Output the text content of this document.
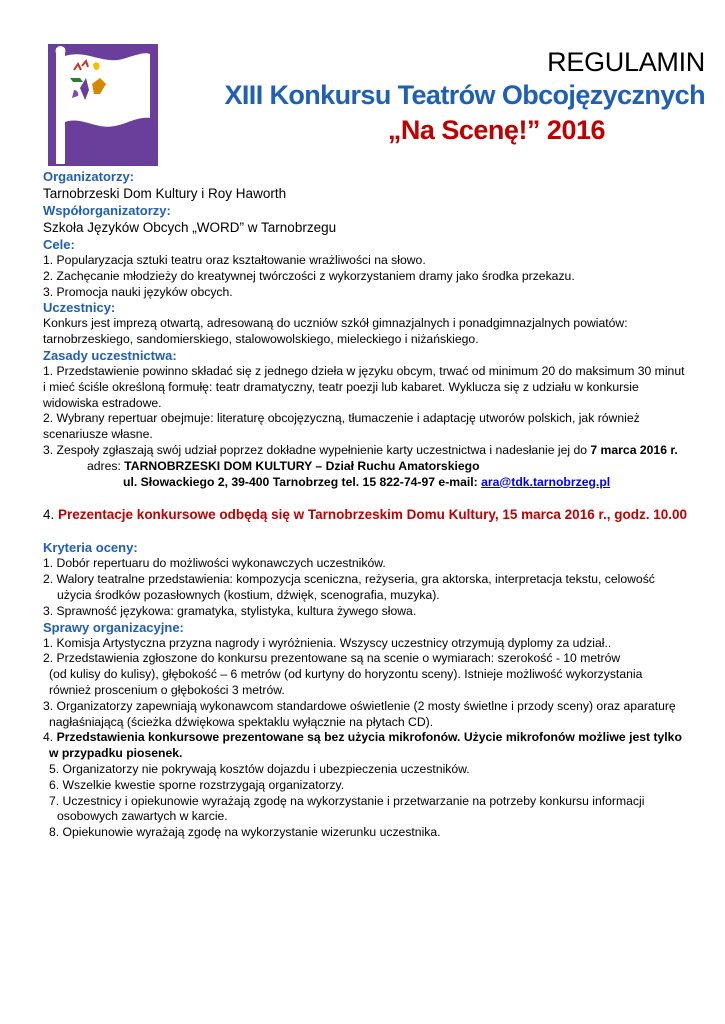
REGULAMIN
XIII Konkursu Teatrów Obcojęzycznych
„Na Scenę!” 2016
Organizatorzy:
Tarnobrzeski Dom Kultury i Roy Haworth
Współorganizatorzy:
Szkoła Języków Obcych „WORD” w Tarnobrzegu
Cele:
1. Popularyzacja sztuki teatru oraz kształtowanie wrażliwości na słowo.
2. Zachęcanie młodzieży do kreatywnej twórczości z wykorzystaniem dramy jako środka przekazu.
3. Promocja nauki języków obcych.
Uczestnicy:
Konkurs jest imprezą otwartą, adresowaną do uczniów szkół gimnazjalnych i ponadgimnazjalnych powiatów:
tarnobrzeskiego, sandomierskiego, stalowowolskiego, mieleckiego i niżańskiego.
Zasady uczestnictwa:
1. Przedstawienie powinno składać się z jednego dzieła w języku obcym, trwać od minimum 20 do maksimum 30 minut
i mieć ściśle określoną formułę: teatr dramatyczny, teatr poezji lub kabaret. Wyklucza się z udziału w konkursie
widowiska estradowe.
2. Wybrany repertuar obejmuje: literaturę obcojęzyczną, tłumaczenie i adaptację utworów polskich, jak również
scenariusze własne.
3. Zespoły zgłaszają swój udział poprzez dokładne wypełnienie karty uczestnictwa i nadesłanie jej do 7 marca 2016 r.
adres: TARNOBRZESKI DOM KULTURY – Dział Ruchu Amatorskiego
ul. Słowackiego 2, 39-400 Tarnobrzeg tel. 15 822-74-97 e-mail: ara@tdk.tarnobrzeg.pl
4. Prezentacje konkursowe odbędą się w Tarnobrzeskim Domu Kultury, 15 marca 2016 r., godz. 10.00
Kryteria oceny:
1. Dobór repertuaru do możliwości wykonawczych uczestników.
2. Walory teatralne przedstawienia: kompozycja sceniczna, reżyseria, gra aktorska, interpretacja tekstu, celowość
użycia środków pozasłownych (kostium, dźwięk, scenografia, muzyka).
3. Sprawność językowa: gramatyka, stylistyka, kultura żywego słowa.
Sprawy organizacyjne:
1. Komisja Artystyczna przyzna nagrody i wyróżnienia. Wszyscy uczestnicy otrzymują dyplomy za udział..
2. Przedstawienia zgłoszone do konkursu prezentowane są na scenie o wymiarach: szerokość - 10 metrów
(od kulisy do kulisy), głębokość – 6 metrów (od kurtyny do horyzontu sceny). Istnieje możliwość wykorzystania
również proscenium o głębokości 3 metrów.
3. Organizatorzy zapewniają wykonawcom standardowe oświetlenie (2 mosty świetlne i przody sceny) oraz aparaturę
nagłaśniającą (ścieżka dźwiękowa spektaklu wyłącznie na płytach CD).
4. Przedstawienia konkursowe prezentowane są bez użycia mikrofonów. Użycie mikrofonów możliwe jest tylko
w przypadku piosenek.
5. Organizatorzy nie pokrywają kosztów dojazdu i ubezpieczenia uczestników.
6. Wszelkie kwestie sporne rozstrzygają organizatorzy.
7. Uczestnicy i opiekunowie wyrażają zgodę na wykorzystanie i przetwarzanie na potrzeby konkursu informacji
osobowych zawartych w karcie.
8. Opiekunowie wyrażają zgodę na wykorzystanie wizerunku uczestnika.
